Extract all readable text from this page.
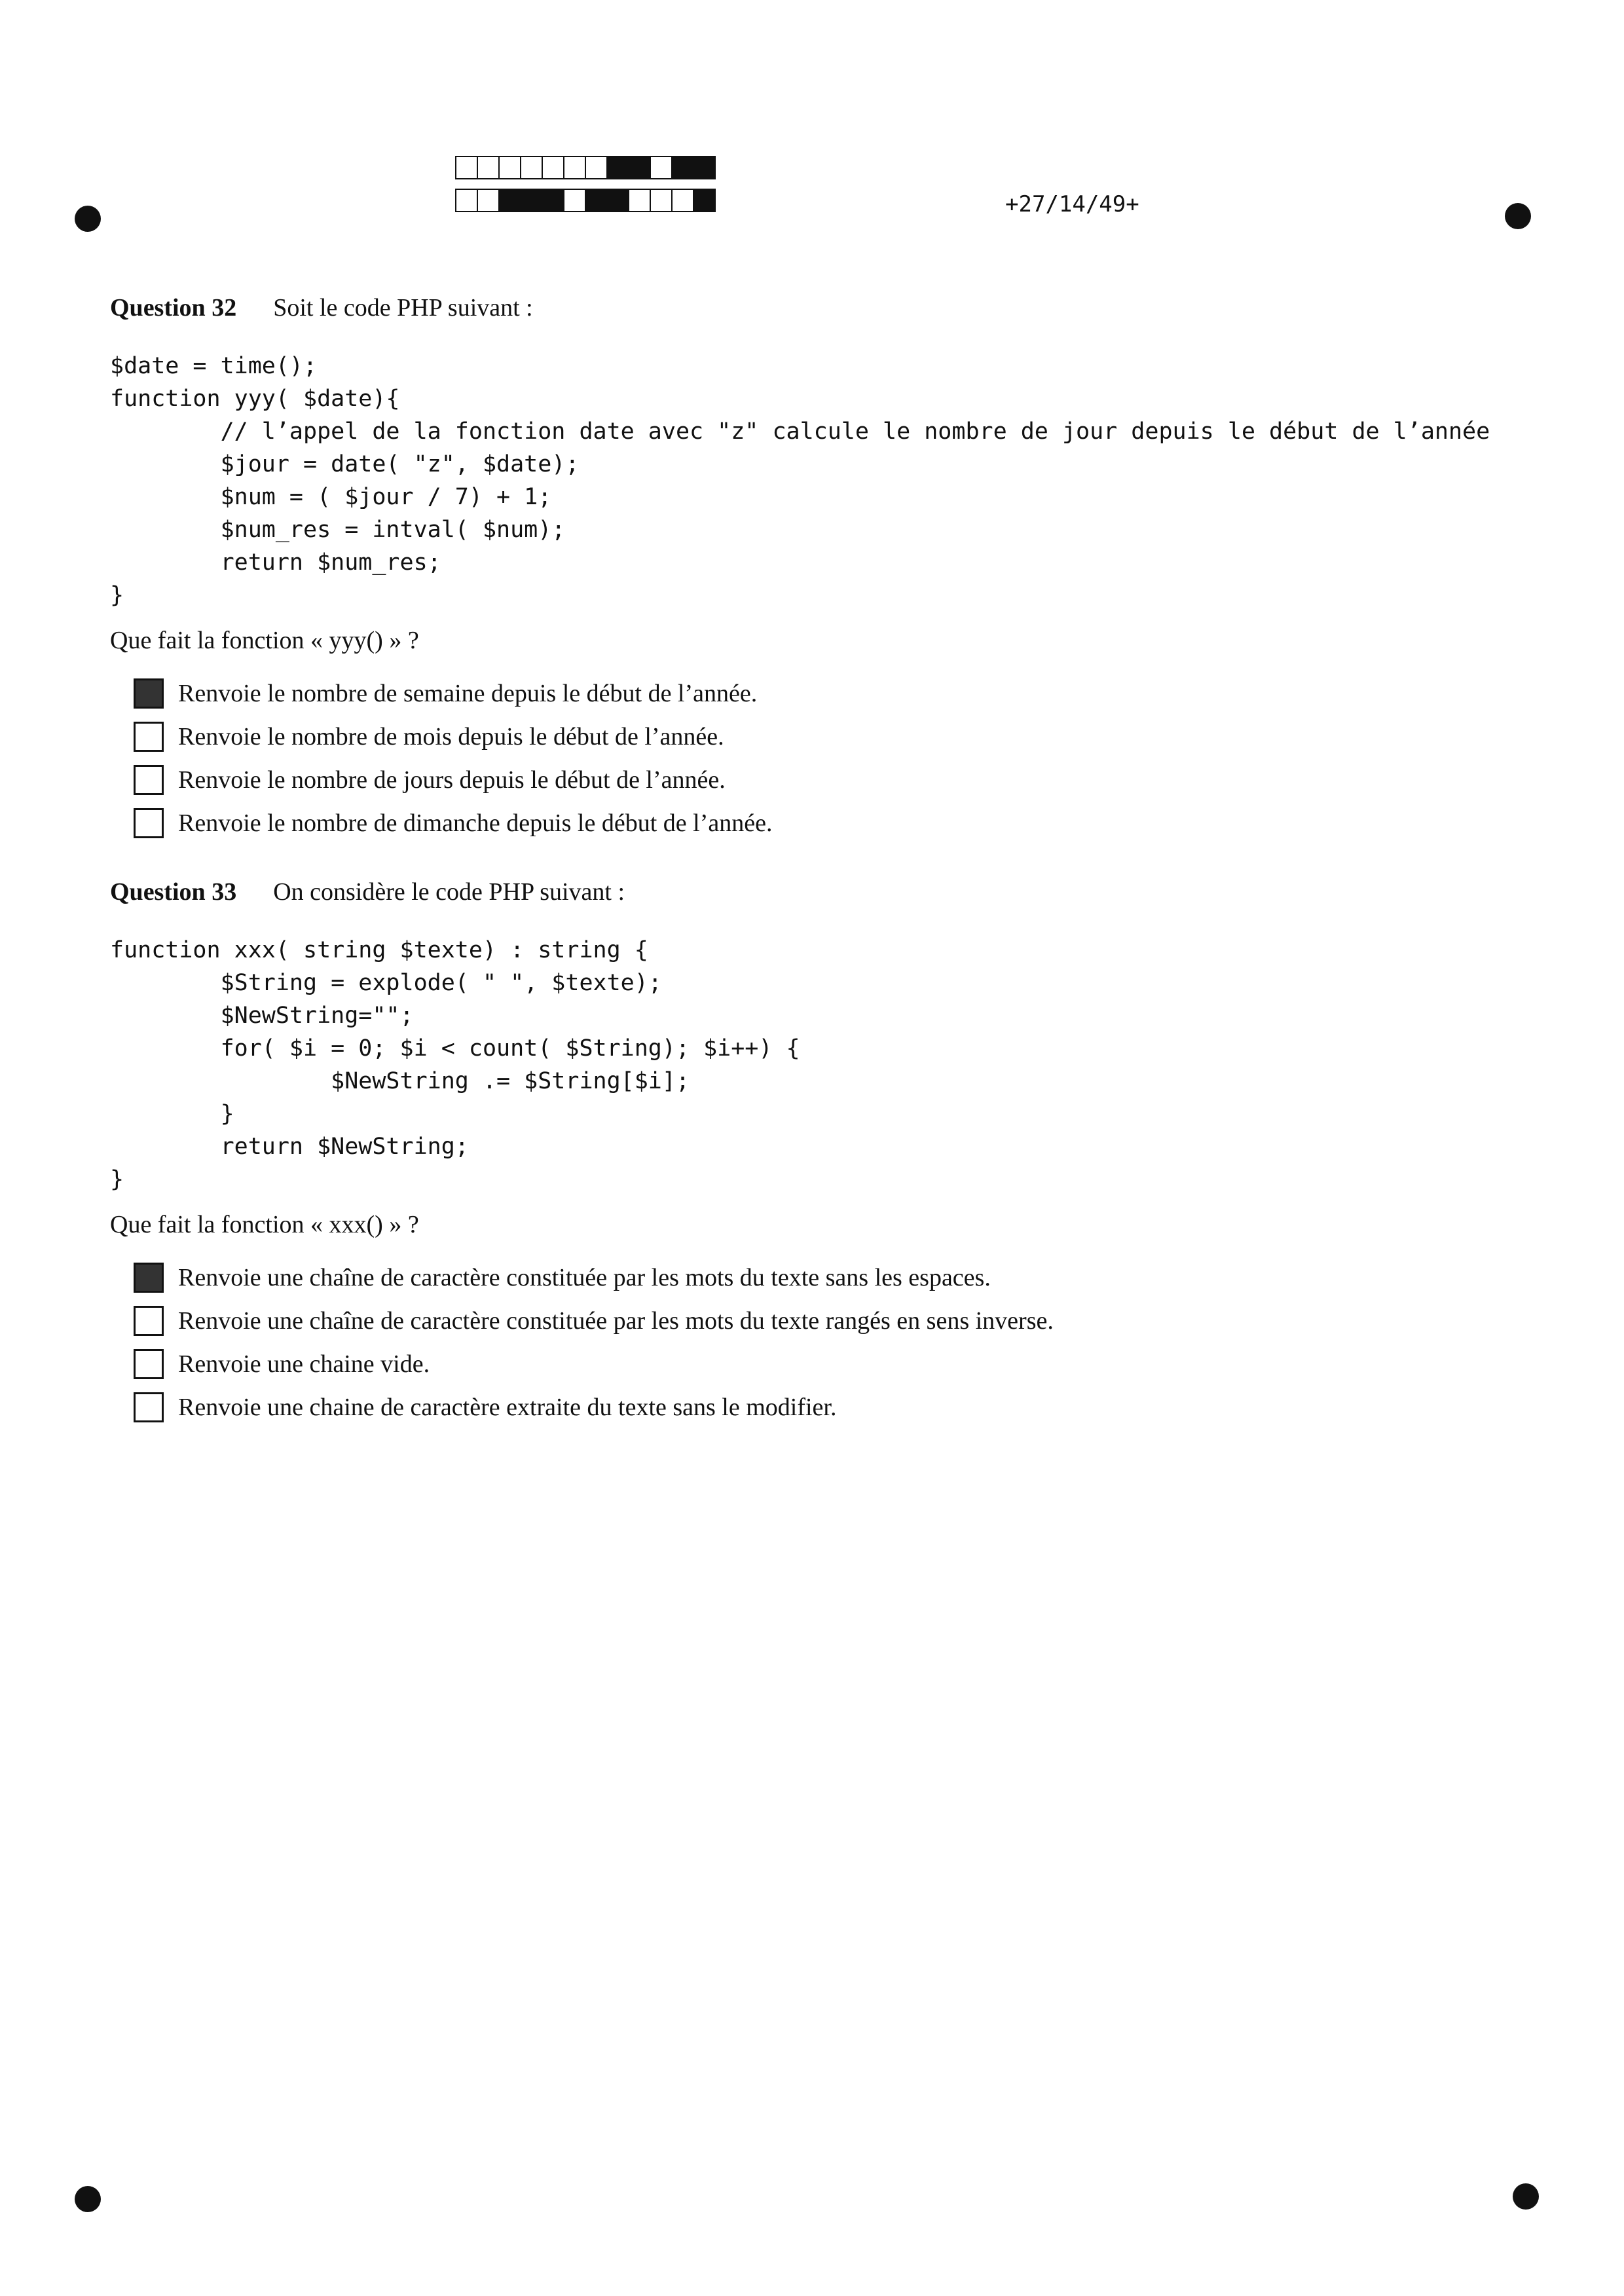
+27/14/49+
Question 32 Soit le code PHP suivant :
$date = time();
function yyy( $date){
// l’appel de la fonction date avec "z" calcule le nombre de jour depuis le début de l’année
$jour = date( "z", $date);
$num = ( $jour / 7) + 1;
$num_res = intval( $num);
return $num_res;
}
Que fait la fonction « yyy() » ?
Renvoie le nombre de semaine depuis le début de l’année.
Renvoie le nombre de mois depuis le début de l’année.
Renvoie le nombre de jours depuis le début de l’année.
Renvoie le nombre de dimanche depuis le début de l’année.
Question 33 On considère le code PHP suivant :
function xxx( string $texte) : string {
$String = explode( " ", $texte);
$NewString="";
for( $i = 0; $i < count( $String); $i++) {
$NewString .= $String[$i];
}
return $NewString;
}
Que fait la fonction « xxx() » ?
Renvoie une chaîne de caractère constituée par les mots du texte sans les espaces.
Renvoie une chaîne de caractère constituée par les mots du texte rangés en sens inverse.
Renvoie une chaine vide.
Renvoie une chaine de caractère extraite du texte sans le modifier.
